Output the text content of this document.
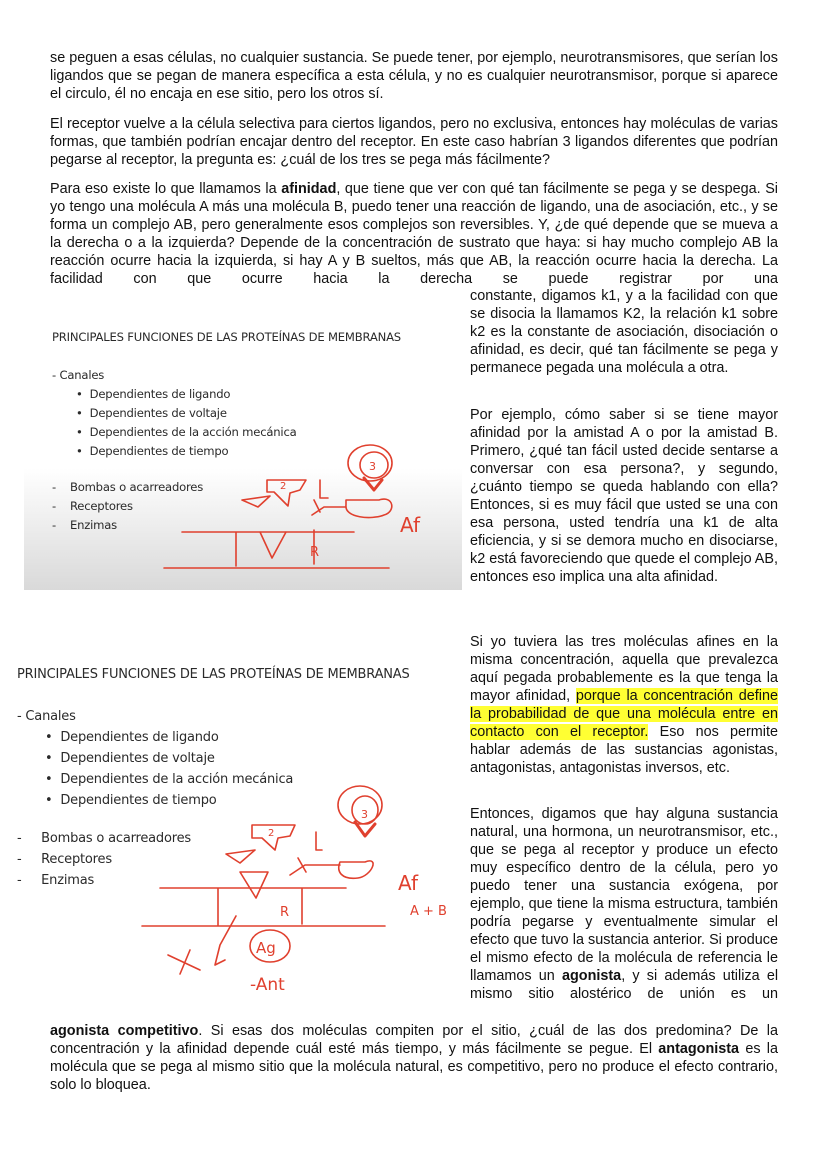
se peguen a esas células, no cualquier sustancia. Se puede tener, por ejemplo, neurotransmisores, que serían los ligandos que se pegan de manera específica a esta célula, y no es cualquier neurotransmisor, porque si aparece el circulo, él no encaja en ese sitio, pero los otros sí.

El receptor vuelve a la célula selectiva para ciertos ligandos, pero no exclusiva, entonces hay moléculas de varias formas, que también podrían encajar dentro del receptor. En este caso habrían 3 ligandos diferentes que podrían pegarse al receptor, la pregunta es: ¿cuál de los tres se pega más fácilmente?

Para eso existe lo que llamamos la afinidad, que tiene que ver con qué tan fácilmente se pega y se despega. Si yo tengo una molécula A más una molécula B, puedo tener una reacción de ligando, una de asociación, etc., y se forma un complejo AB, pero generalmente esos complejos son reversibles. Y, ¿de qué depende que se mueva a la derecha o a la izquierda? Depende de la concentración de sustrato que haya: si hay mucho complejo AB la reacción ocurre hacia la izquierda, si hay A y B sueltos, más que AB, la reacción ocurre hacia la derecha. La facilidad con que ocurre hacia la derecha se puede registrar por una

constante, digamos k1, y a la facilidad con que se disocia la llamamos K2, la relación k1 sobre k2 es la constante de asociación, disociación o afinidad, es decir, qué tan fácilmente se pega y permanece pegada una molécula a otra.

Por ejemplo, cómo saber si se tiene mayor afinidad por la amistad A o por la amistad B. Primero, ¿qué tan fácil usted decide sentarse a conversar con esa persona?, y segundo, ¿cuánto tiempo se queda hablando con ella? Entonces, si es muy fácil que usted se una con esa persona, usted tendría una k1 de alta eficiencia, y si se demora mucho en disociarse, k2 está favoreciendo que quede el complejo AB, entonces eso implica una alta afinidad.

Si yo tuviera las tres moléculas afines en la misma concentración, aquella que prevalezca aquí pegada probablemente es la que tenga la mayor afinidad, porque la concentración define la probabilidad de que una molécula entre en contacto con el receptor. Eso nos permite hablar además de las sustancias agonistas, antagonistas, antagonistas inversos, etc.

Entonces, digamos que hay alguna sustancia natural, una hormona, un neurotransmisor, etc., que se pega al receptor y produce un efecto muy específico dentro de la célula, pero yo puedo tener una sustancia exógena, por ejemplo, que tiene la misma estructura, también podría pegarse y eventualmente simular el efecto que tuvo la sustancia anterior. Si produce el mismo efecto de la molécula de referencia le llamamos un agonista, y si además utiliza el mismo sitio alostérico de unión es un

agonista competitivo. Si esas dos moléculas compiten por el sitio, ¿cuál de las dos predomina? De la concentración y la afinidad depende cuál esté más tiempo, y más fácilmente se pegue. El antagonista es la molécula que se pega al mismo sitio que la molécula natural, es competitivo, pero no produce el efecto contrario, solo lo bloquea.

PRINCIPALES FUNCIONES DE LAS PROTEÍNAS DE MEMBRANAS
- Canales
• Dependientes de ligando
• Dependientes de voltaje
• Dependientes de la acción mecánica
• Dependientes de tiempo
- Bombas o acarreadores
- Receptores
- Enzimas
R
3
2
Af
PRINCIPALES FUNCIONES DE LAS PROTEÍNAS DE MEMBRANAS
- Canales
• Dependientes de ligando
• Dependientes de voltaje
• Dependientes de la acción mecánica
• Dependientes de tiempo
- Bombas o acarreadores
- Receptores
- Enzimas
R
3
2
Ag
-Ant
Af
A + B
